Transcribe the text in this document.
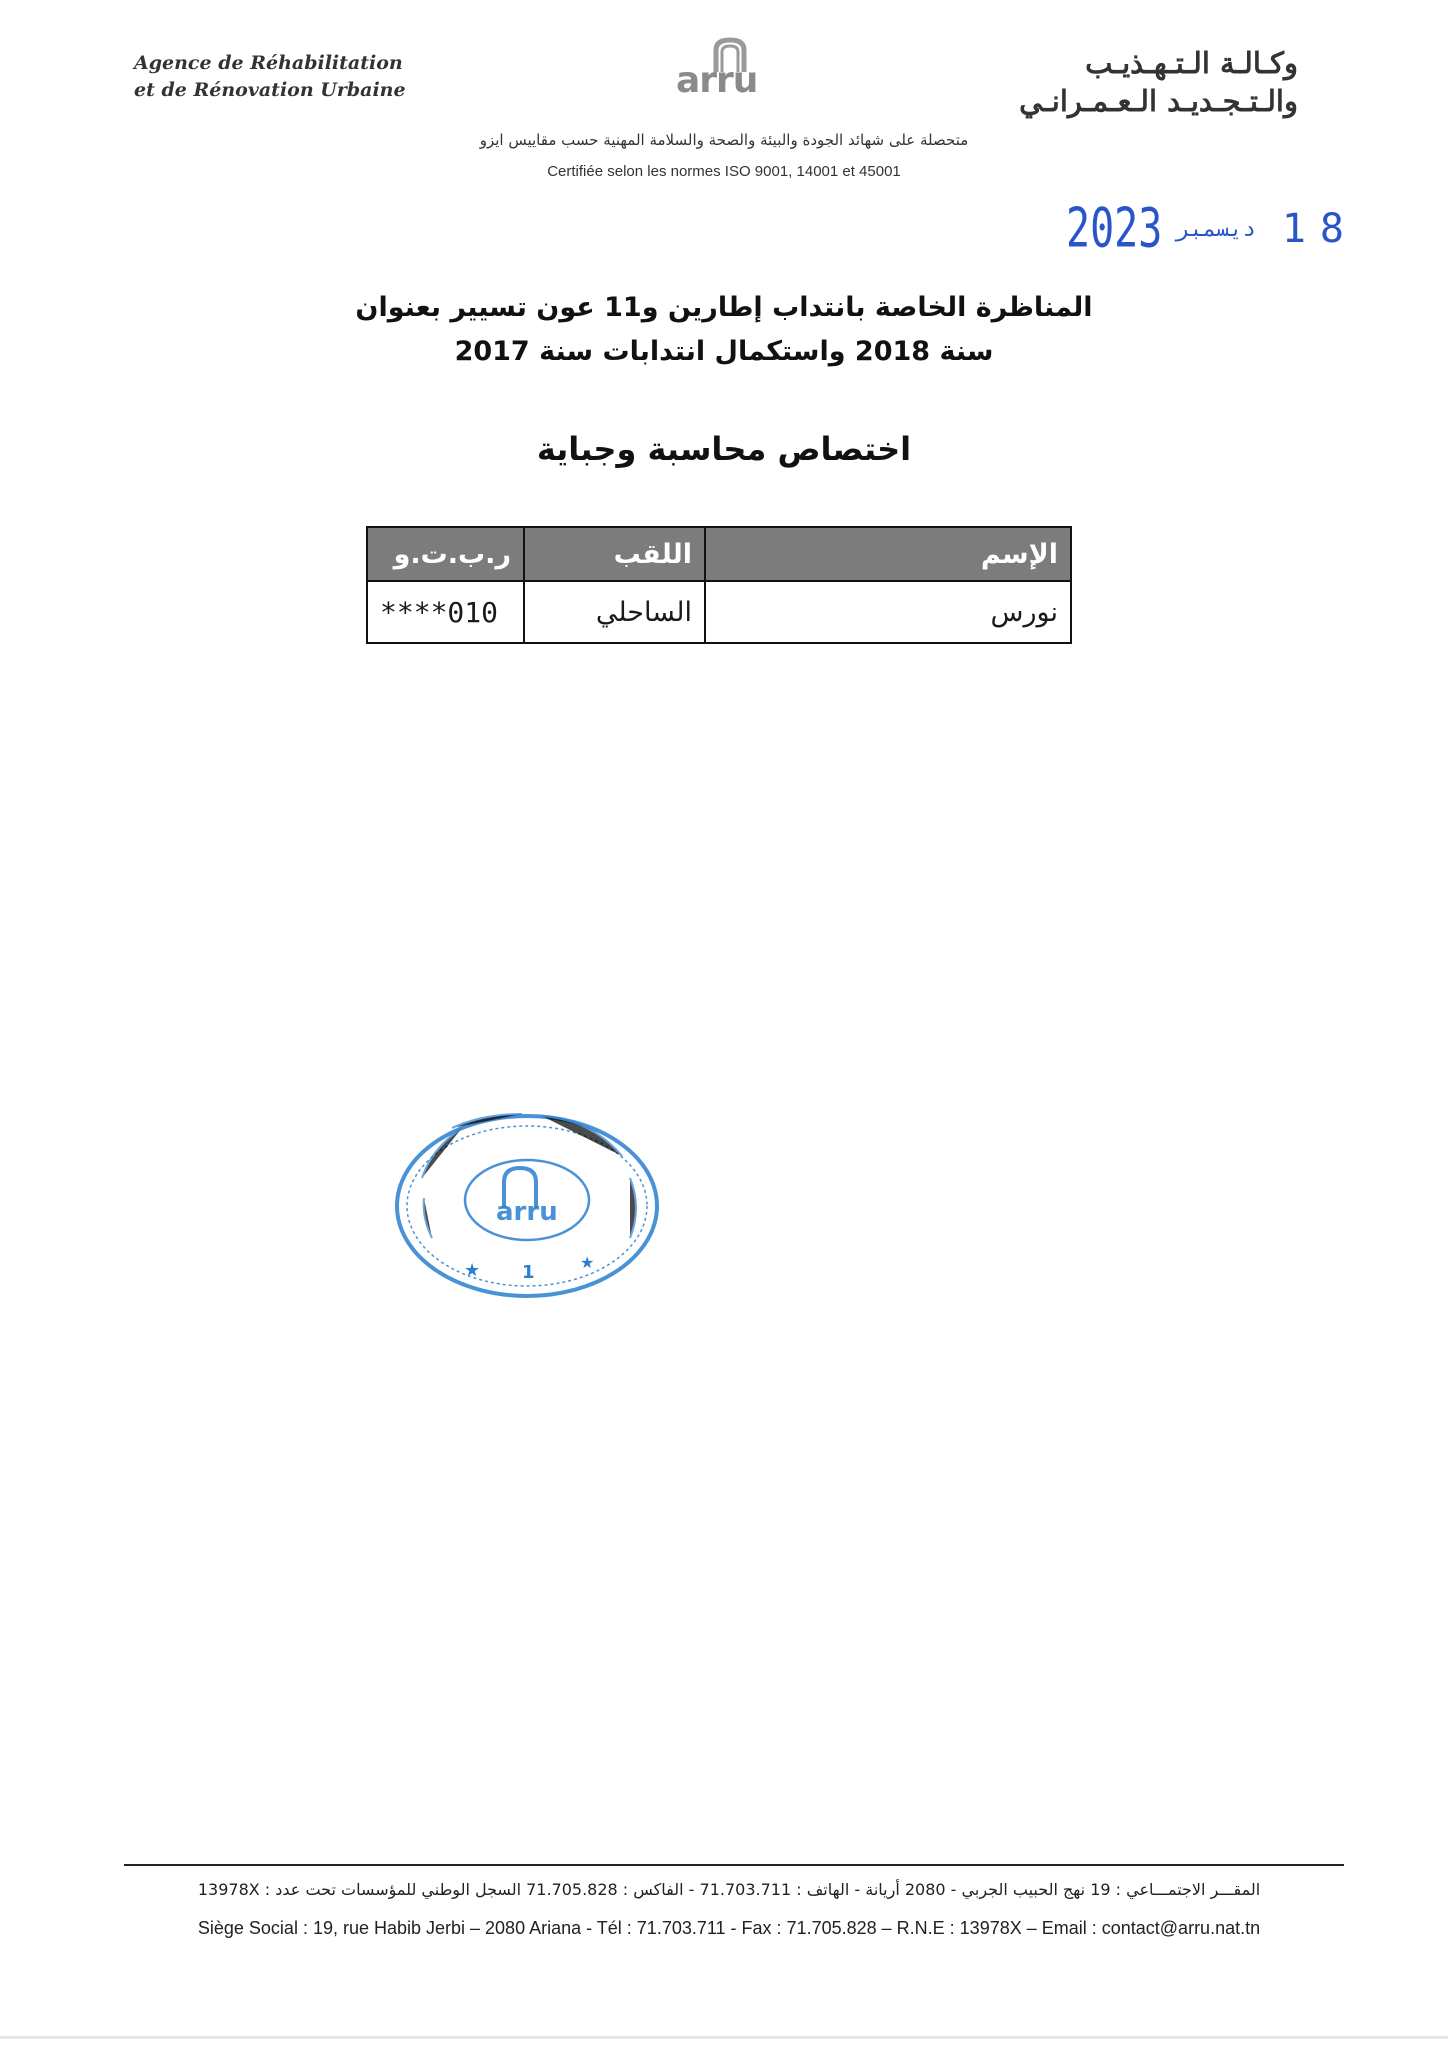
Agence de Réhabilitation
et de Rénovation Urbaine	arru	وكـالـة الـتـهـذيـب
والـتـجـديـد الـعـمـرانـي
متحصلة على شهائد الجودة والبيئة والصحة والسلامة المهنية حسب مقاييس ايزو
Certifiée selon les normes ISO 9001, 14001 et 45001
18ديسمبر2023
المناظرة الخاصة بانتداب إطارين و11 عون تسيير بعنوان
سنة 2018 واستكمال انتدابات سنة 2017
اختصاص محاسبة وجباية
الإسم	اللقب	ر.ب.ت.و
نورس	الساحلي	****010
arru
★ 1	★
المقـــر الاجتمـــاعي : 19 نهج الحبيب الجربي - 2080 أريانة - الهاتف : 71.703.711 - الفاكس : 71.705.828 السجل الوطني للمؤسسات تحت عدد : 13978X
Siège Social : 19, rue Habib Jerbi – 2080 Ariana - Tél : 71.703.711 - Fax : 71.705.828 – R.N.E : 13978X – Email : contact@arru.nat.tn
